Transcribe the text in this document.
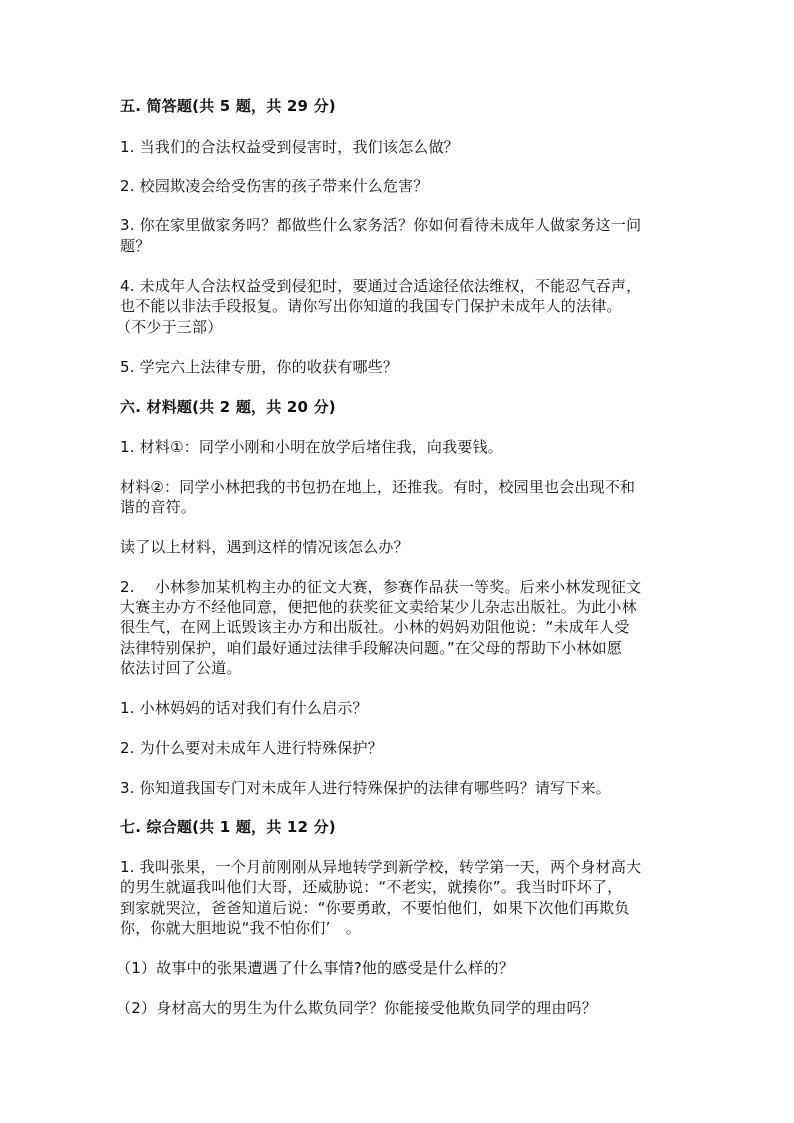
五. 简答题(共 5 题，共 29 分)
1. 当我们的合法权益受到侵害时，我们该怎么做？
2. 校园欺凌会给受伤害的孩子带来什么危害？
3. 你在家里做家务吗？都做些什么家务活？你如何看待未成年人做家务这一问
题？
4. 未成年人合法权益受到侵犯时，要通过合适途径依法维权，不能忍气吞声，
也不能以非法手段报复。请你写出你知道的我国专门保护未成年人的法律。
（不少于三部）
5. 学完六上法律专册，你的收获有哪些？
六. 材料题(共 2 题，共 20 分)
1. 材料①：同学小刚和小明在放学后堵住我，向我要钱。
材料②：同学小林把我的书包扔在地上，还推我。有时，校园里也会出现不和
谐的音符。
读了以上材料，遇到这样的情况该怎么办？
2.　 小林参加某机构主办的征文大赛，参赛作品获一等奖。后来小林发现征文
大赛主办方不经他同意，便把他的获奖征文卖给某少儿杂志出版社。为此小林
很生气，在网上诋毁该主办方和出版社。小林的妈妈劝阻他说：“未成年人受
法律特别保护，咱们最好通过法律手段解决问题。”在父母的帮助下小林如愿
依法讨回了公道。
1. 小林妈妈的话对我们有什么启示？
2. 为什么要对未成年人进行特殊保护？
3. 你知道我国专门对未成年人进行特殊保护的法律有哪些吗？请写下来。
七. 综合题(共 1 题，共 12 分)
1. 我叫张果，一个月前刚刚从异地转学到新学校，转学第一天，两个身材高大
的男生就逼我叫他们大哥，还威胁说：“不老实，就揍你”。我当时吓坏了，
到家就哭泣，爸爸知道后说：“你要勇敢，不要怕他们，如果下次他们再欺负
你，你就大胆地说“我不怕你们’　。
（1）故事中的张果遭遇了什么事情?他的感受是什么样的？
（2）身材高大的男生为什么欺负同学？你能接受他欺负同学的理由吗？
